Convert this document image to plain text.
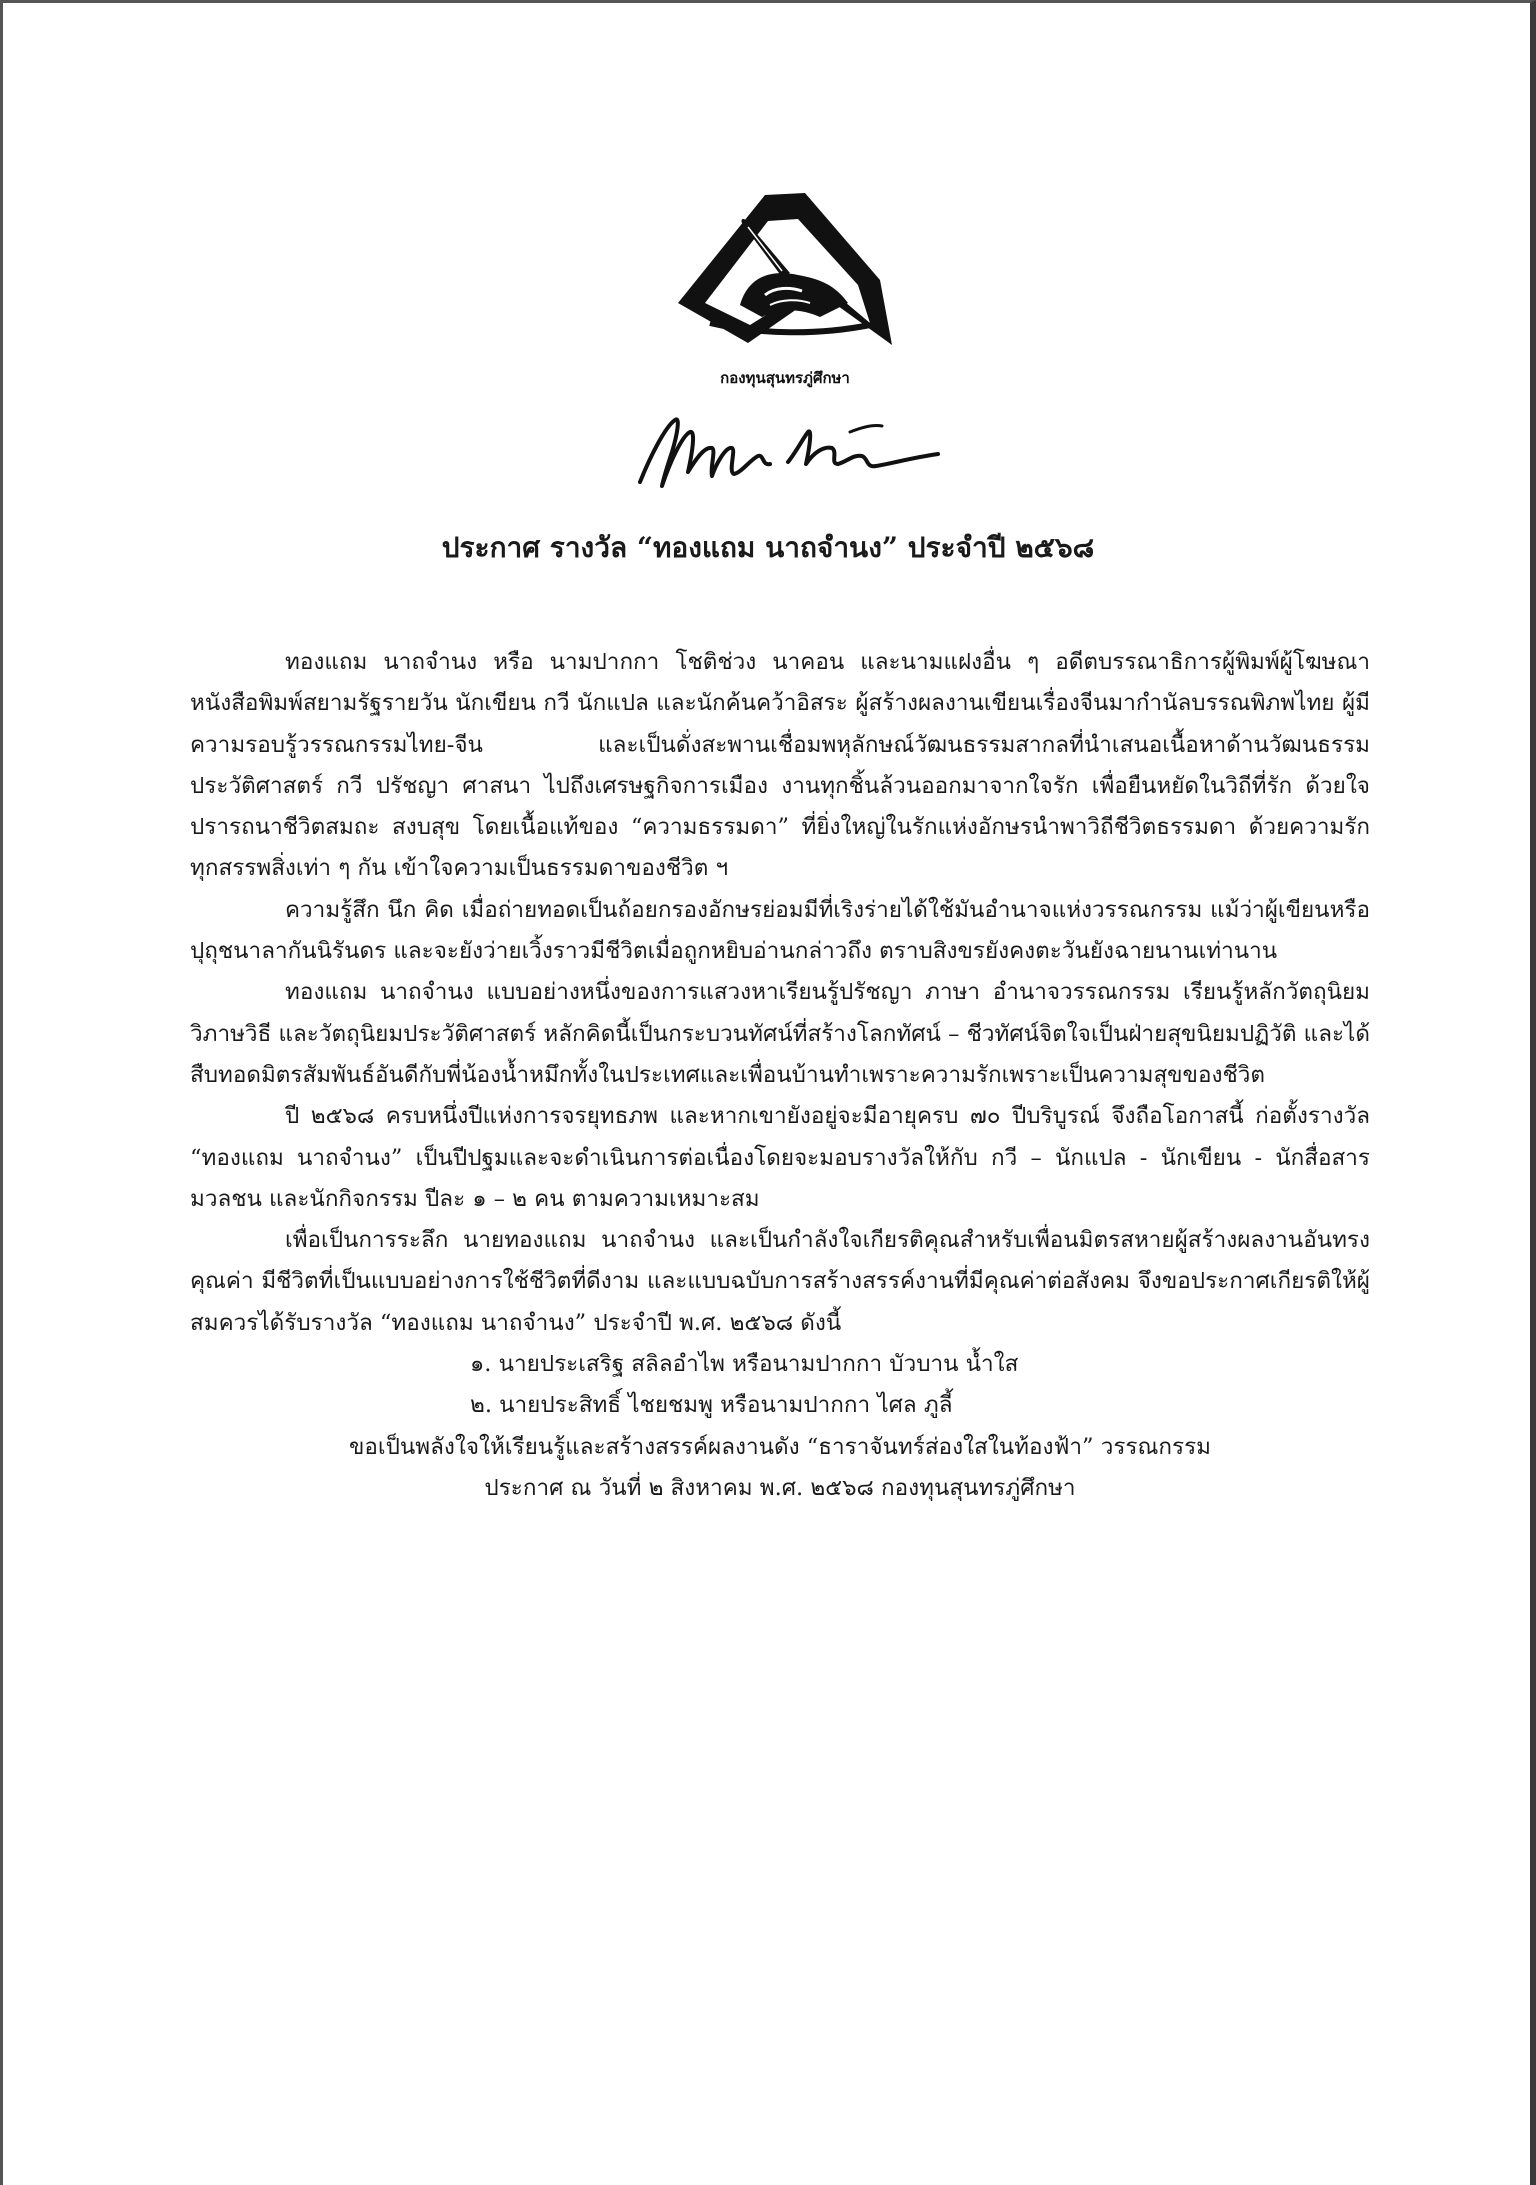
กองทุนสุนทรภู่ศึกษา
ประกาศ รางวัล “ทองแถม นาถจำนง” ประจำปี ๒๕๖๘

ทองแถม นาถจำนง หรือ นามปากกา โชติช่วง นาคอน และนามแฝงอื่น ๆ อดีตบรรณาธิการผู้พิมพ์ผู้โฆษณาหนังสือพิมพ์สยามรัฐรายวัน นักเขียน กวี นักแปล และนักค้นคว้าอิสระ ผู้สร้างผลงานเขียนเรื่องจีนมากำนัลบรรณพิภพไทย ผู้มีความรอบรู้วรรณกรรมไทย-จีน และเป็นดั่งสะพานเชื่อมพหุลักษณ์วัฒนธรรมสากลที่นำเสนอเนื้อหาด้านวัฒนธรรม ประวัติศาสตร์ กวี ปรัชญา ศาสนา ไปถึงเศรษฐกิจการเมือง งานทุกชิ้นล้วนออกมาจากใจรัก เพื่อยืนหยัดในวิถีที่รัก ด้วยใจปรารถนาชีวิตสมถะ สงบสุข โดยเนื้อแท้ของ “ความธรรมดา” ที่ยิ่งใหญ่ในรักแห่งอักษรนำพาวิถีชีวิตธรรมดา ด้วยความรักทุกสรรพสิ่งเท่า ๆ กัน เข้าใจความเป็นธรรมดาของชีวิต ฯ

ความรู้สึก นึก คิด เมื่อถ่ายทอดเป็นถ้อยกรองอักษรย่อมมีที่เริงร่ายได้ใช้มันอำนาจแห่งวรรณกรรม แม้ว่าผู้เขียนหรือปุถุชนาลากันนิรันดร และจะยังว่ายเวิ้งราวมีชีวิตเมื่อถูกหยิบอ่านกล่าวถึง ตราบสิงขรยังคงตะวันยังฉายนานเท่านาน

ทองแถม นาถจำนง แบบอย่างหนึ่งของการแสวงหาเรียนรู้ปรัชญา ภาษา อำนาจวรรณกรรม เรียนรู้หลักวัตถุนิยมวิภาษวิธี และวัตถุนิยมประวัติศาสตร์ หลักคิดนี้เป็นกระบวนทัศน์ที่สร้างโลกทัศน์ – ชีวทัศน์จิตใจเป็นฝ่ายสุขนิยมปฏิวัติ และได้สืบทอดมิตรสัมพันธ์อันดีกับพี่น้องน้ำหมึกทั้งในประเทศและเพื่อนบ้านทำเพราะความรักเพราะเป็นความสุขของชีวิต

ปี ๒๕๖๘ ครบหนึ่งปีแห่งการจรยุทธภพ และหากเขายังอยู่จะมีอายุครบ ๗๐ ปีบริบูรณ์ จึงถือโอกาสนี้ ก่อตั้งรางวัล “ทองแถม นาถจำนง” เป็นปีปฐมและจะดำเนินการต่อเนื่องโดยจะมอบรางวัลให้กับ กวี – นักแปล - นักเขียน - นักสื่อสารมวลชน และนักกิจกรรม ปีละ ๑ – ๒ คน ตามความเหมาะสม

เพื่อเป็นการระลึก นายทองแถม นาถจำนง และเป็นกำลังใจเกียรติคุณสำหรับเพื่อนมิตรสหายผู้สร้างผลงานอันทรงคุณค่า มีชีวิตที่เป็นแบบอย่างการใช้ชีวิตที่ดีงาม และแบบฉบับการสร้างสรรค์งานที่มีคุณค่าต่อสังคม จึงขอประกาศเกียรติให้ผู้สมควรได้รับรางวัล “ทองแถม นาถจำนง” ประจำปี พ.ศ. ๒๕๖๘ ดังนี้

๑. นายประเสริฐ สลิลอำไพ หรือนามปากกา บัวบาน น้ำใส

๒. นายประสิทธิ์ ไชยชมพู หรือนามปากกา ไศล ภูลี้

ขอเป็นพลังใจให้เรียนรู้และสร้างสรรค์ผลงานดัง “ธาราจันทร์ส่องใสในท้องฟ้า” วรรณกรรม

ประกาศ ณ วันที่ ๒ สิงหาคม พ.ศ. ๒๕๖๘ กองทุนสุนทรภู่ศึกษา
